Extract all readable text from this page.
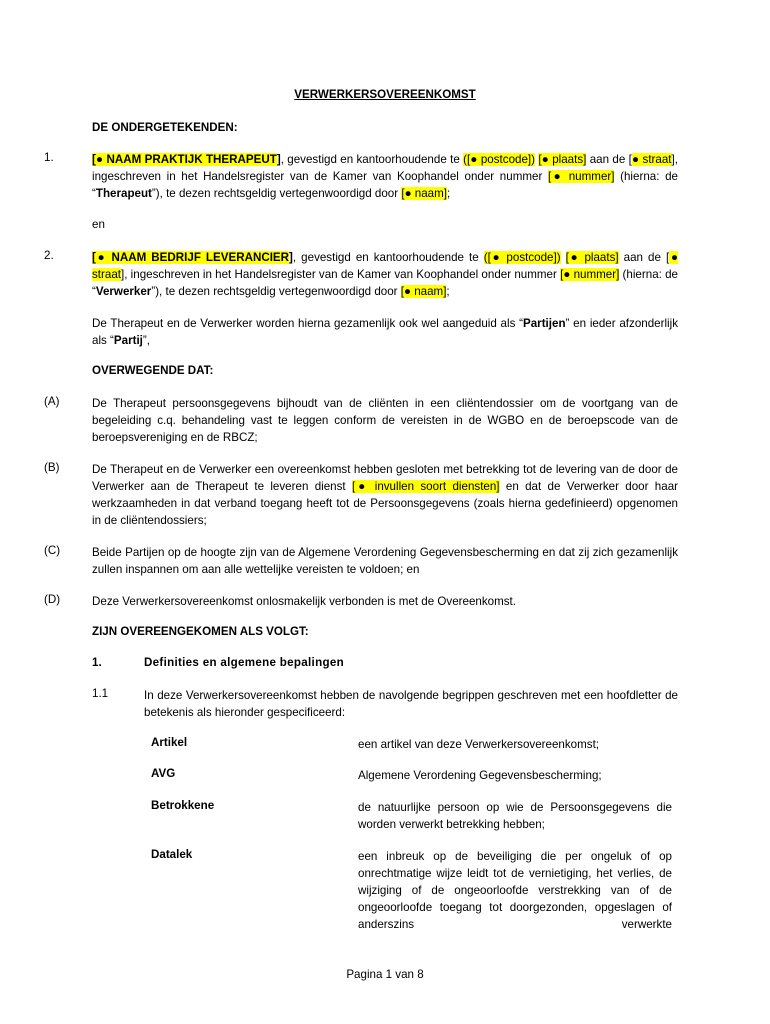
VERWERKERSOVEREENKOMST
DE ONDERGETEKENDEN:
1.	[● NAAM PRAKTIJK THERAPEUT], gevestigd en kantoorhoudende te ([● postcode]) [● plaats] aan de [● straat], ingeschreven in het Handelsregister van de Kamer van Koophandel onder nummer [● nummer] (hierna: de “Therapeut”), te dezen rechtsgeldig vertegenwoordigd door [● naam];
en
2.	[● NAAM BEDRIJF LEVERANCIER], gevestigd en kantoorhoudende te ([● postcode]) [● plaats] aan de [● straat], ingeschreven in het Handelsregister van de Kamer van Koophandel onder nummer [● nummer] (hierna: de “Verwerker”), te dezen rechtsgeldig vertegenwoordigd door [● naam];
De Therapeut en de Verwerker worden hierna gezamenlijk ook wel aangeduid als “Partijen” en ieder afzonderlijk als “Partij”,
OVERWEGENDE DAT:
(A)	De Therapeut persoonsgegevens bijhoudt van de cliënten in een cliëntendossier om de voortgang van de begeleiding c.q. behandeling vast te leggen conform de vereisten in de WGBO en de beroepscode van de beroepsvereniging en de RBCZ;
(B)	De Therapeut en de Verwerker een overeenkomst hebben gesloten met betrekking tot de levering van de door de Verwerker aan de Therapeut te leveren dienst [● invullen soort diensten] en dat de Verwerker door haar werkzaamheden in dat verband toegang heeft tot de Persoonsgegevens (zoals hierna gedefinieerd) opgenomen in de cliëntendossiers;
(C)	Beide Partijen op de hoogte zijn van de Algemene Verordening Gegevensbescherming en dat zij zich gezamenlijk zullen inspannen om aan alle wettelijke vereisten te voldoen; en
(D)	Deze Verwerkersovereenkomst onlosmakelijk verbonden is met de Overeenkomst.
ZIJN OVEREENGEKOMEN ALS VOLGT:
1.	Definities en algemene bepalingen
1.1	In deze Verwerkersovereenkomst hebben de navolgende begrippen geschreven met een hoofdletter de betekenis als hieronder gespecificeerd:
Artikel	een artikel van deze Verwerkersovereenkomst;
AVG	Algemene Verordening Gegevensbescherming;
Betrokkene	de natuurlijke persoon op wie de Persoonsgegevens die worden verwerkt betrekking hebben;
Datalek	een inbreuk op de beveiliging die per ongeluk of op onrechtmatige wijze leidt tot de vernietiging, het verlies, de wijziging of de ongeoorloofde verstrekking van of de ongeoorloofde toegang tot doorgezonden, opgeslagen of anderszins verwerkte
Pagina 1 van 8
